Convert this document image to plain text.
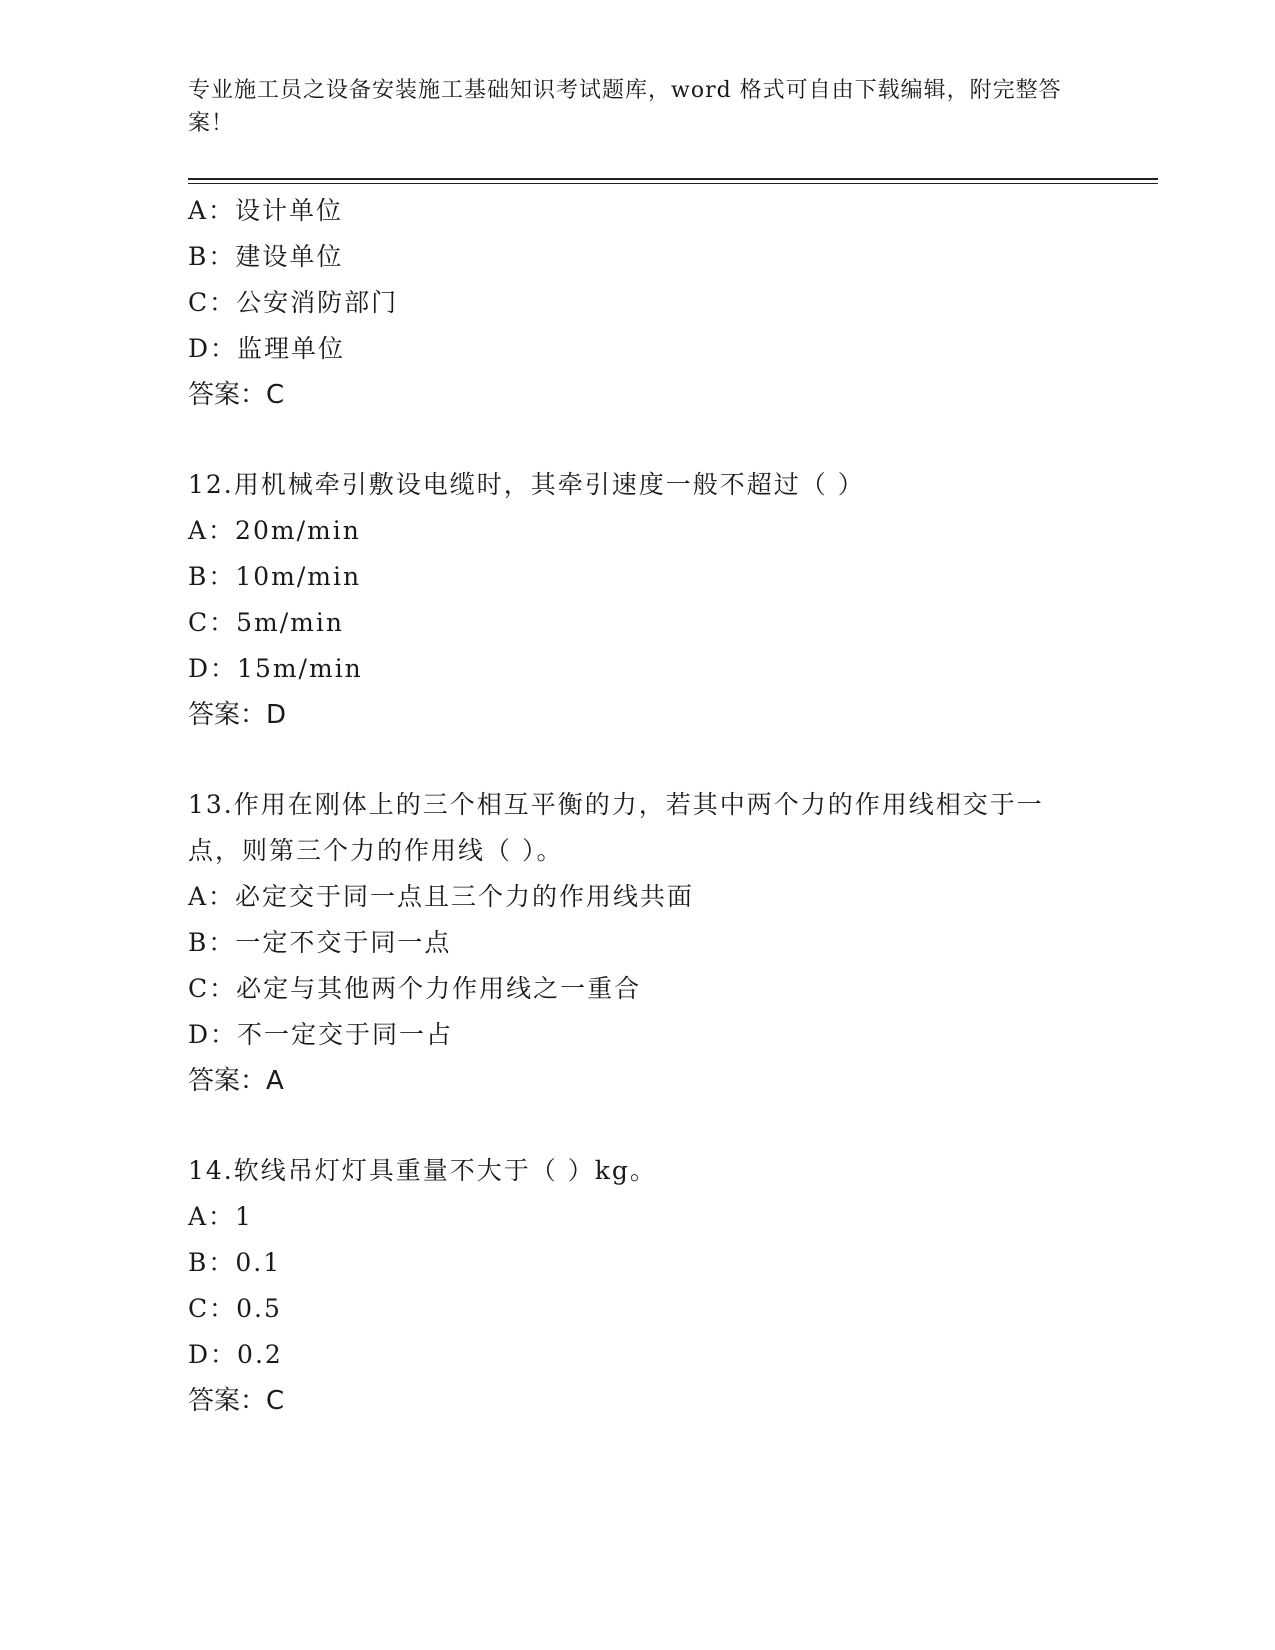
专业施工员之设备安装施工基础知识考试题库，word 格式可自由下载编辑，附完整答案！
A：设计单位
B：建设单位
C：公安消防部门
D：监理单位
答案：C
12.用机械牵引敷设电缆时，其牵引速度一般不超过（ ）
A：20m/min
B：10m/min
C：5m/min
D：15m/min
答案：D
13.作用在刚体上的三个相互平衡的力，若其中两个力的作用线相交于一点，则第三个力的作用线（ ）。
A：必定交于同一点且三个力的作用线共面
B：一定不交于同一点
C：必定与其他两个力作用线之一重合
D：不一定交于同一占
答案：A
14.软线吊灯灯具重量不大于（ ）kg。
A：1
B：0.1
C：0.5
D：0.2
答案：C
